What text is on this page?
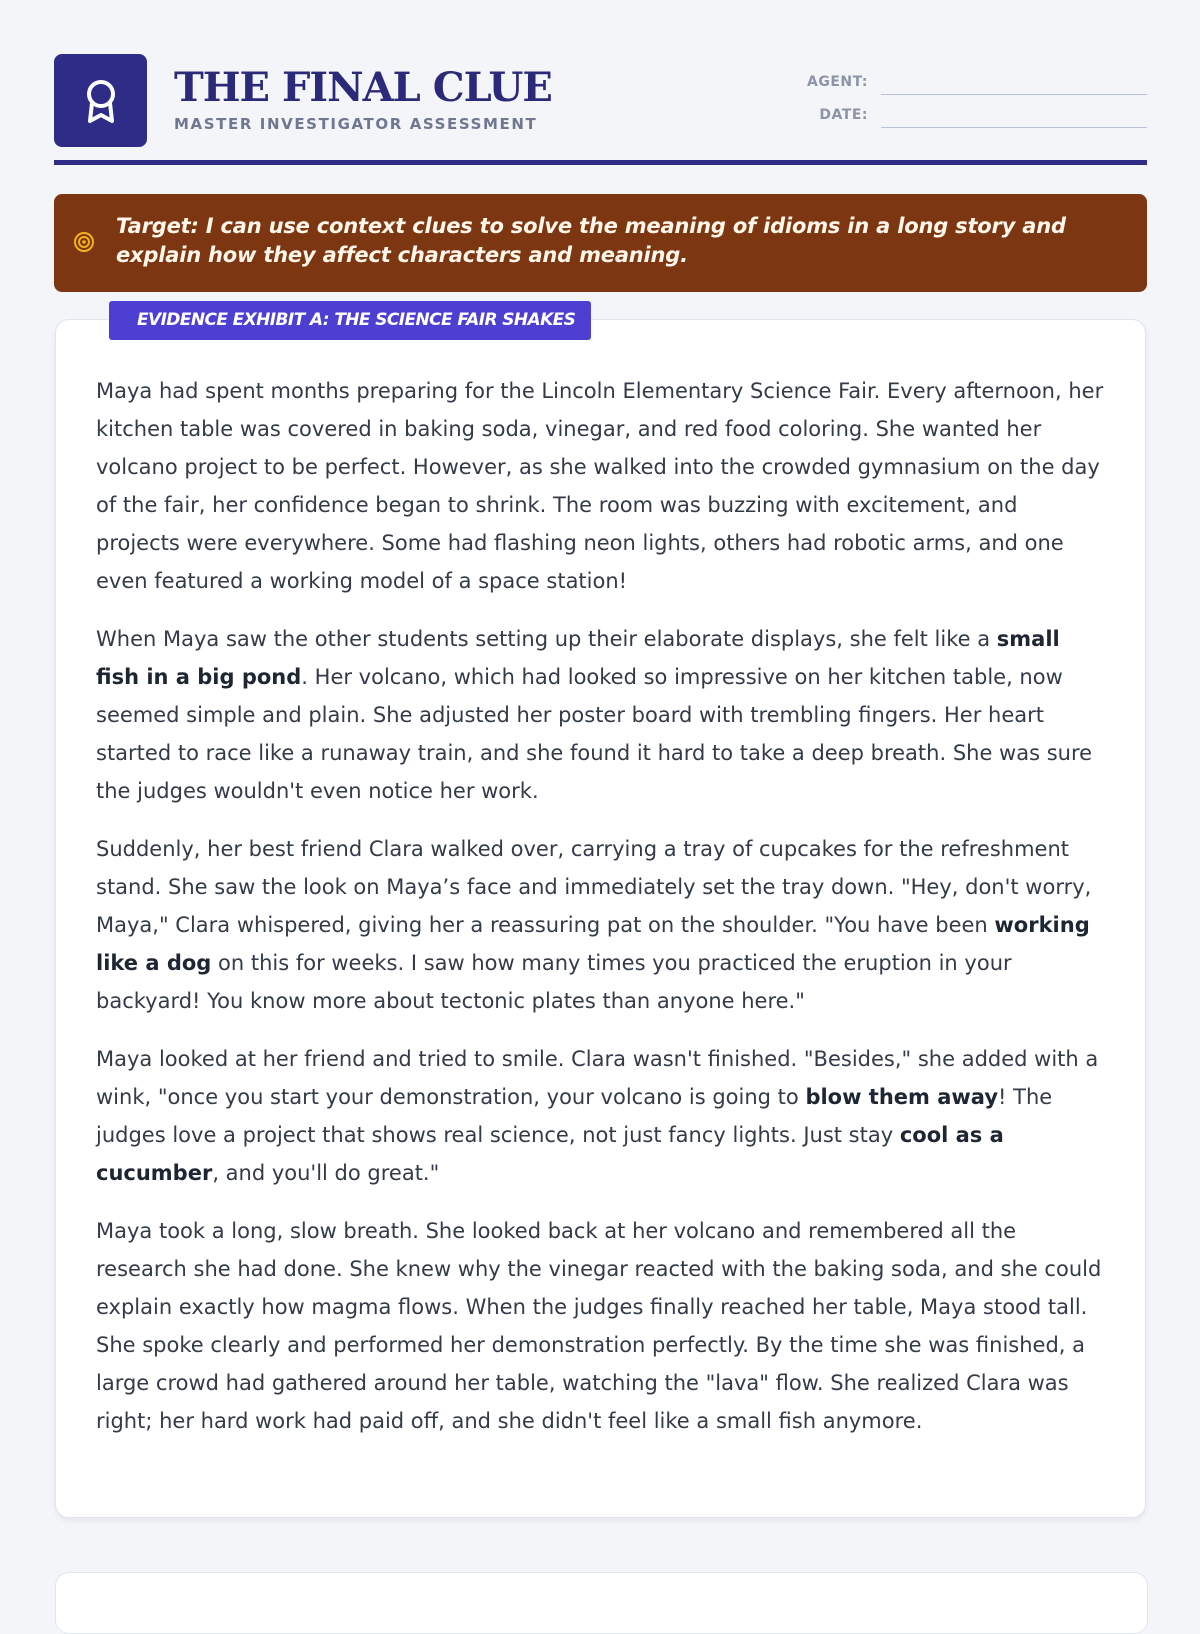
THE FINAL CLUE
MASTER INVESTIGATOR ASSESSMENT
AGENT:
DATE:
Target: I can use context clues to solve the meaning of idioms in a long story and explain how they affect characters and meaning.
EVIDENCE EXHIBIT A: THE SCIENCE FAIR SHAKES

Maya had spent months preparing for the Lincoln Elementary Science Fair. Every afternoon, her kitchen table was covered in baking soda, vinegar, and red food coloring. She wanted her volcano project to be perfect. However, as she walked into the crowded gymnasium on the day of the fair, her confidence began to shrink. The room was buzzing with excitement, and projects were everywhere. Some had flashing neon lights, others had robotic arms, and one even featured a working model of a space station!

When Maya saw the other students setting up their elaborate displays, she felt like a small fish in a big pond. Her volcano, which had looked so impressive on her kitchen table, now seemed simple and plain. She adjusted her poster board with trembling fingers. Her heart started to race like a runaway train, and she found it hard to take a deep breath. She was sure the judges wouldn't even notice her work.

Suddenly, her best friend Clara walked over, carrying a tray of cupcakes for the refreshment stand. She saw the look on Maya’s face and immediately set the tray down. "Hey, don't worry, Maya," Clara whispered, giving her a reassuring pat on the shoulder. "You have been working like a dog on this for weeks. I saw how many times you practiced the eruption in your backyard! You know more about tectonic plates than anyone here."

Maya looked at her friend and tried to smile. Clara wasn't finished. "Besides," she added with a wink, "once you start your demonstration, your volcano is going to blow them away! The judges love a project that shows real science, not just fancy lights. Just stay cool as a cucumber, and you'll do great."

Maya took a long, slow breath. She looked back at her volcano and remembered all the research she had done. She knew why the vinegar reacted with the baking soda, and she could explain exactly how magma flows. When the judges finally reached her table, Maya stood tall. She spoke clearly and performed her demonstration perfectly. By the time she was finished, a large crowd had gathered around her table, watching the "lava" flow. She realized Clara was right; her hard work had paid off, and she didn't feel like a small fish anymore.
